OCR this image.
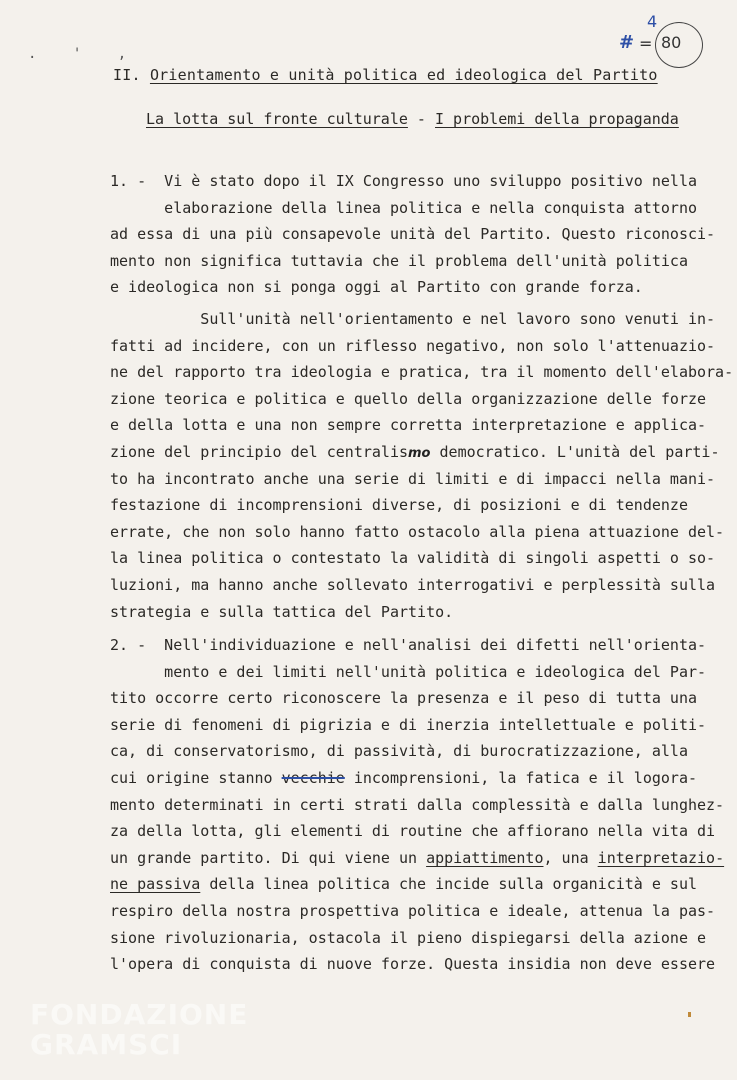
. ' ,
#
4
= 80
II. Orientamento e unità politica ed ideologica del Partito
La lotta sul fronte culturale - I problemi della propaganda
1. -  Vi è stato dopo il IX Congresso uno sviluppo positivo nella
elaborazione della linea politica e nella conquista attorno
ad essa di una più consapevole unità del Partito. Questo riconosci-
mento non significa tuttavia che il problema dell'unità politica
e ideologica non si ponga oggi al Partito con grande forza.
Sull'unità nell'orientamento e nel lavoro sono venuti in-
fatti ad incidere, con un riflesso negativo, non solo l'attenuazio-
ne del rapporto tra ideologia e pratica, tra il momento dell'elabora-
zione teorica e politica e quello della organizzazione delle forze
e della lotta e una non sempre corretta interpretazione e applica-
zione del principio del centralismo democratico. L'unità del parti-
to ha incontrato anche una serie di limiti e di impacci nella mani-
festazione di incomprensioni diverse, di posizioni e di tendenze
errate, che non solo hanno fatto ostacolo alla piena attuazione del-
la linea politica o contestato la validità di singoli aspetti o so-
luzioni, ma hanno anche sollevato interrogativi e perplessità sulla
strategia e sulla tattica del Partito.
2. -  Nell'individuazione e nell'analisi dei difetti nell'orienta-
mento e dei limiti nell'unità politica e ideologica del Par-
tito occorre certo riconoscere la presenza e il peso di tutta una
serie di fenomeni di pigrizia e di inerzia intellettuale e politi-
ca, di conservatorismo, di passività, di burocratizzazione, alla
cui origine stanno vecchie incomprensioni, la fatica e il logora-
mento determinati in certi strati dalla complessità e dalla lunghez-
za della lotta, gli elementi di routine che affiorano nella vita di
un grande partito. Di qui viene un appiattimento, una interpretazio-
ne passiva della linea politica che incide sulla organicità e sul
respiro della nostra prospettiva politica e ideale, attenua la pas-
sione rivoluzionaria, ostacola il pieno dispiegarsi della azione e
l'opera di conquista di nuove forze. Questa insidia non deve essere
FONDAZIONE
GRAMSCI
